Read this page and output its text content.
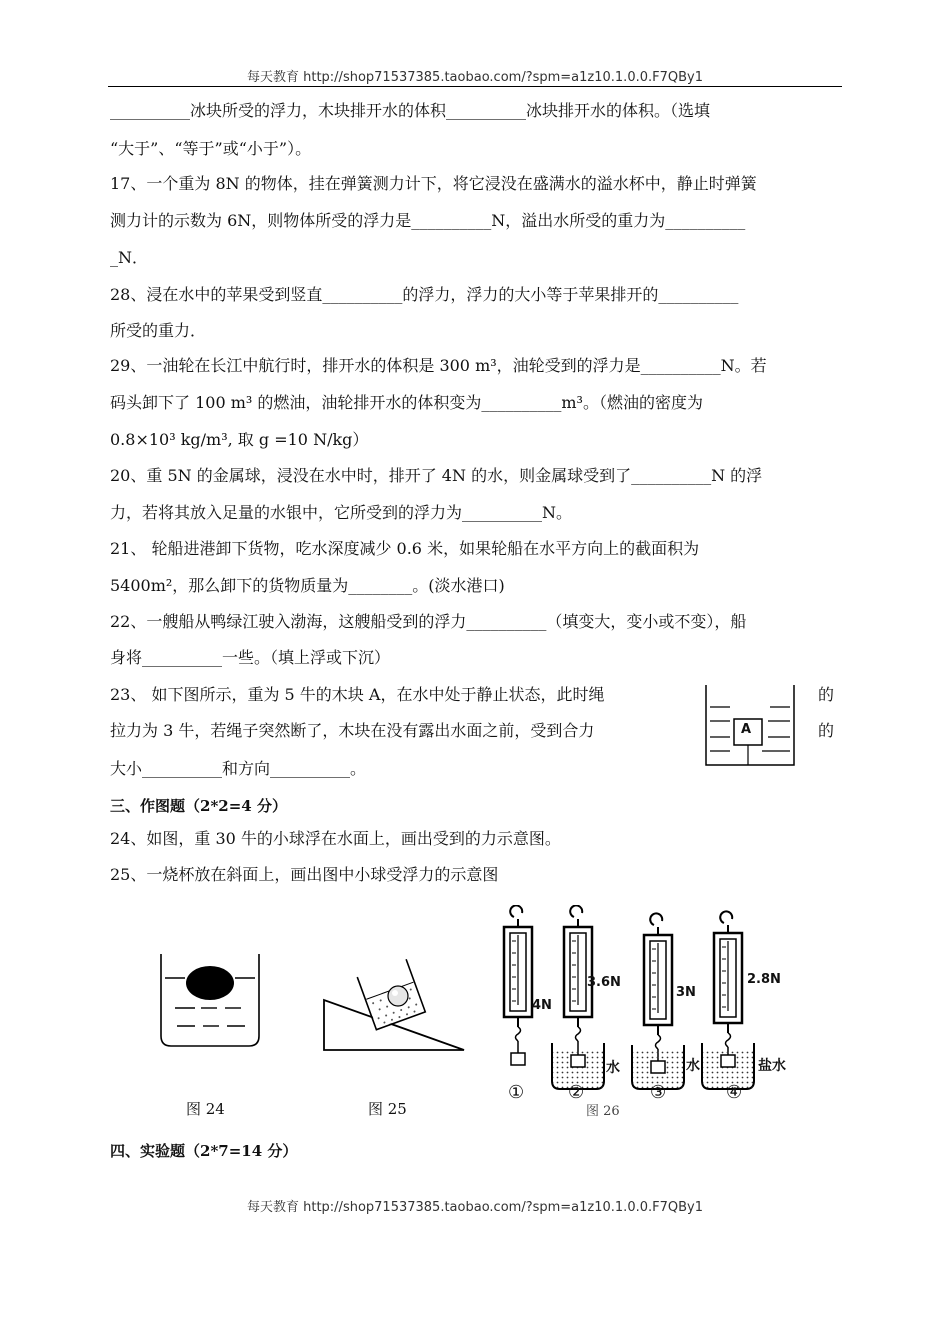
每天教育 http://shop71537385.taobao.com/?spm=a1z10.1.0.0.F7QBy1
__________冰块所受的浮力，木块排开水的体积__________冰块排开水的体积。（选填
“大于”、“等于”或“小于”）。
17、一个重为 8N 的物体，挂在弹簧测力计下，将它浸没在盛满水的溢水杯中，静止时弹簧
测力计的示数为 6N，则物体所受的浮力是__________N，溢出水所受的重力为__________
_N．
28、浸在水中的苹果受到竖直__________的浮力，浮力的大小等于苹果排开的__________
所受的重力．
29、一油轮在长江中航行时，排开水的体积是 300 m³，油轮受到的浮力是__________N。若
码头卸下了 100 m³ 的燃油，油轮排开水的体积变为__________m³。（燃油的密度为
0.8×10³ kg/m³, 取 g =10 N/kg）
20、重 5N 的金属球，浸没在水中时，排开了 4N 的水，则金属球受到了__________N 的浮
力，若将其放入足量的水银中，它所受到的浮力为__________N。
21、 轮船进港卸下货物，吃水深度减少 0.6 米，如果轮船在水平方向上的截面积为
5400m²，那么卸下的货物质量为________。(淡水港口)
22、一艘船从鸭绿江驶入渤海，这艘船受到的浮力__________（填变大，变小或不变），船
身将__________一些。（填上浮或下沉）
23、 如下图所示，重为 5 牛的木块 A，在水中处于静止状态，此时绳
拉力为 3 牛，若绳子突然断了，木块在没有露出水面之前，受到合力
大小__________和方向__________。
的
的
三、作图题（2*2=4 分）
24、如图，重 30 牛的小球浮在水面上，画出受到的力示意图。
25、一烧杯放在斜面上，画出图中小球受浮力的示意图
四、实验题（2*7=14 分）
A
图 24	图 25
4N
3.6N
3N
2.8N
水	水	盐水
① ②	③	④
图 26
每天教育 http://shop71537385.taobao.com/?spm=a1z10.1.0.0.F7QBy1
